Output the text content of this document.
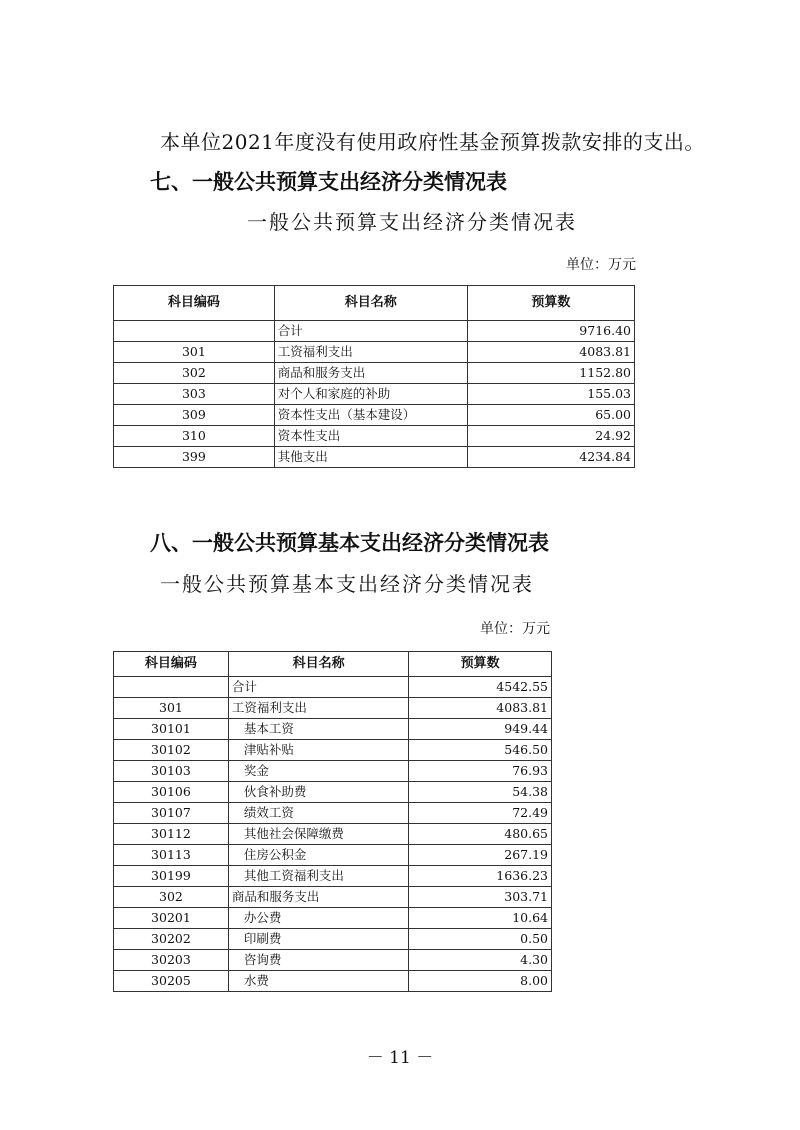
本单位2021年度没有使用政府性基金预算拨款安排的支出。
七、一般公共预算支出经济分类情况表
一般公共预算支出经济分类情况表
单位：万元
科目编码	科目名称	预算数
	合计	9716.40
301	工资福利支出	4083.81
302	商品和服务支出	1152.80
303	对个人和家庭的补助	155.03
309	资本性支出（基本建设）	65.00
310	资本性支出	24.92
399	其他支出	4234.84
八、一般公共预算基本支出经济分类情况表
一般公共预算基本支出经济分类情况表
单位：万元
科目编码	科目名称	预算数
	合计	4542.55
301	工资福利支出	4083.81
30101	基本工资	949.44
30102	津贴补贴	546.50
30103	奖金	76.93
30106	伙食补助费	54.38
30107	绩效工资	72.49
30112	其他社会保障缴费	480.65
30113	住房公积金	267.19
30199	其他工资福利支出	1636.23
302	商品和服务支出	303.71
30201	办公费	10.64
30202	印刷费	0.50
30203	咨询费	4.30
30205	水费	8.00
－ 11 －
